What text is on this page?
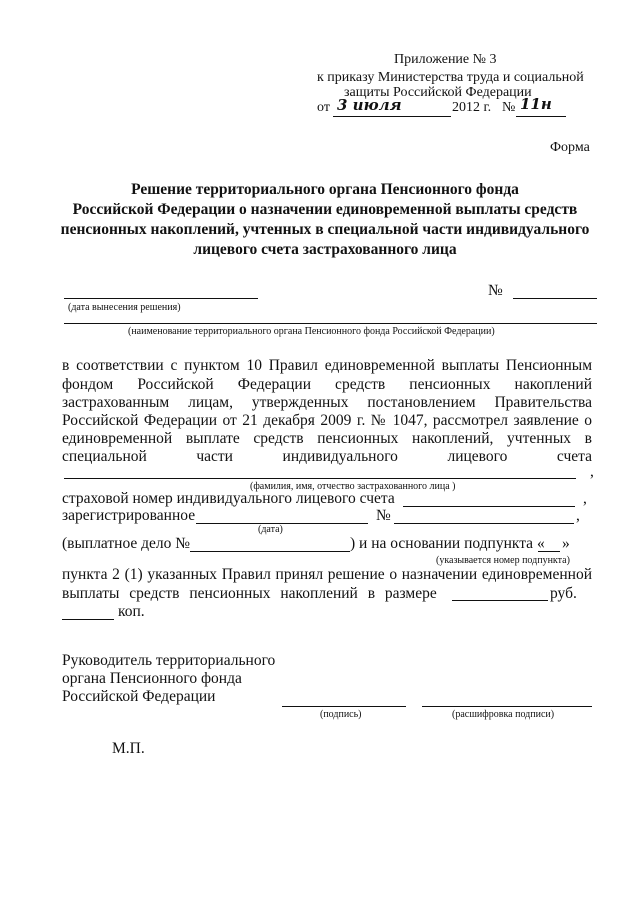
Приложение № 3
к приказу Министерства труда и социальной
защиты Российской Федерации
от 3 июля	2012 г. № 11н
Форма
Решение территориального органа Пенсионного фонда
Российской Федерации о назначении единовременной выплаты средств
пенсионных накоплений, учтенных в специальной части индивидуального
лицевого счета застрахованного лица
№
(дата вынесения решения)
(наименование территориального органа Пенсионного фонда Российской Федерации)
в соответствии с пунктом 10 Правил единовременной выплаты Пенсионным
фондом Российской Федерации средств пенсионных накоплений
застрахованным лицам, утвержденных постановлением Правительства
Российской Федерации от 21 декабря 2009 г. № 1047, рассмотрел заявление о
единовременной выплате средств пенсионных накоплений, учтенных в
специальной части индивидуального лицевого счета
,
(фамилия, имя, отчество застрахованного лица )
страховой номер индивидуального лицевого счета	,
зарегистрированное	№	,
(дата)
(выплатное дело №	) и на основании подпункта « »
(указывается номер подпункта)
пункта 2 (1) указанных Правил принял решение о назначении единовременной
выплаты средств пенсионных накоплений в размере	руб.
коп.
Руководитель территориального
органа Пенсионного фонда
Российской Федерации
(подпись)	(расшифровка подписи)
М.П.
